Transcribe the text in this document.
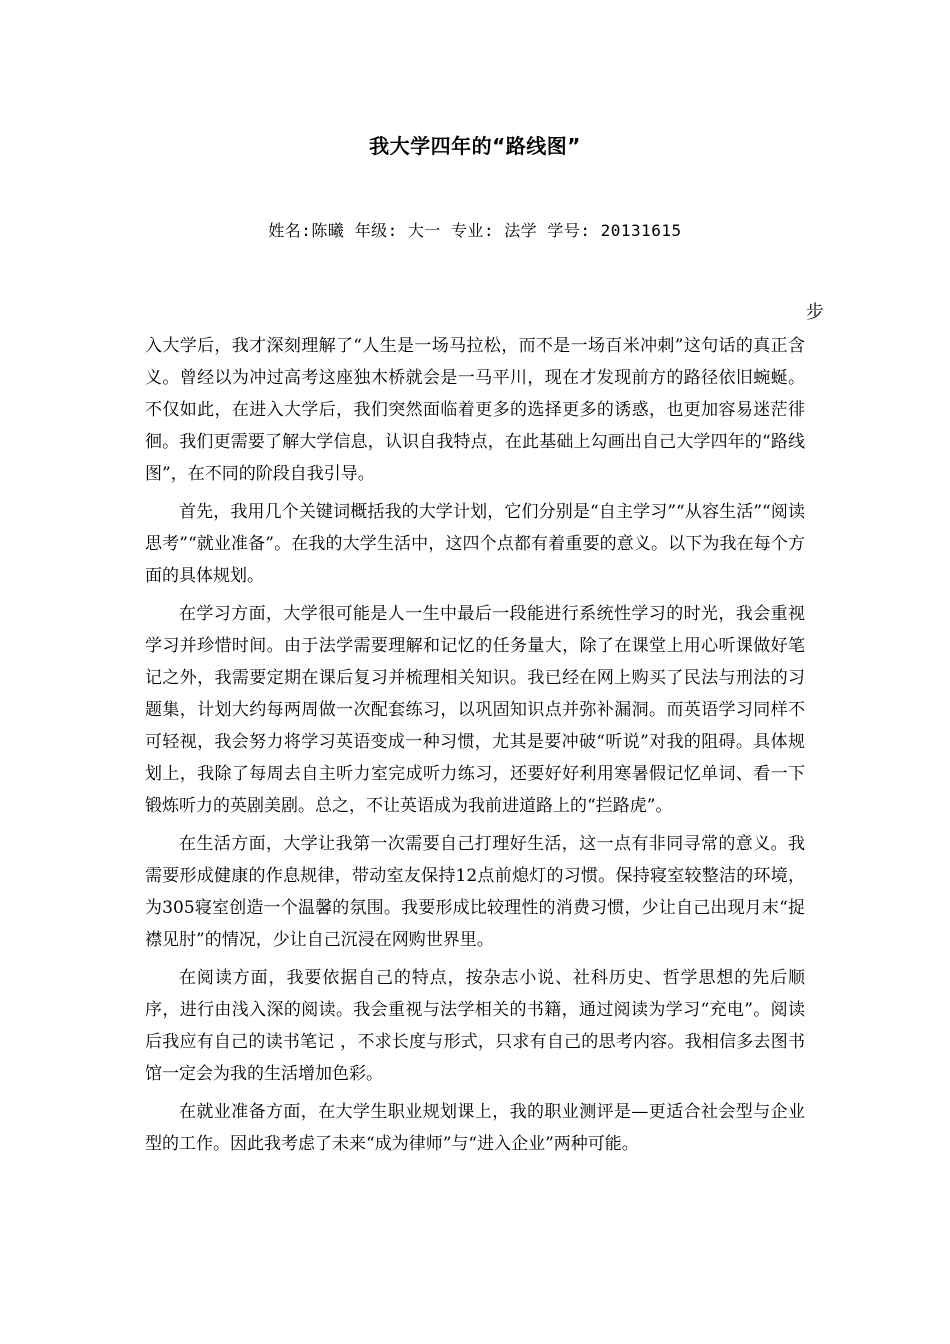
我大学四年的“路线图”
姓名:陈曦 年级: 大一 专业: 法学 学号: 20131615
步

入大学后，我才深刻理解了“人生是一场马拉松，而不是一场百米冲刺”这句话的真正含义。曾经以为冲过高考这座独木桥就会是一马平川，现在才发现前方的路径依旧蜿蜒。不仅如此，在进入大学后，我们突然面临着更多的选择更多的诱惑，也更加容易迷茫徘徊。我们更需要了解大学信息，认识自我特点，在此基础上勾画出自己大学四年的“路线图”，在不同的阶段自我引导。

首先，我用几个关键词概括我的大学计划，它们分别是“自主学习”“从容生活”“阅读思考”“就业准备”。在我的大学生活中，这四个点都有着重要的意义。以下为我在每个方面的具体规划。

在学习方面，大学很可能是人一生中最后一段能进行系统性学习的时光，我会重视学习并珍惜时间。由于法学需要理解和记忆的任务量大，除了在课堂上用心听课做好笔记之外，我需要定期在课后复习并梳理相关知识。我已经在网上购买了民法与刑法的习题集，计划大约每两周做一次配套练习，以巩固知识点并弥补漏洞。而英语学习同样不可轻视，我会努力将学习英语变成一种习惯，尤其是要冲破“听说”对我的阻碍。具体规划上，我除了每周去自主听力室完成听力练习，还要好好利用寒暑假记忆单词、看一下锻炼听力的英剧美剧。总之，不让英语成为我前进道路上的“拦路虎”。

在生活方面，大学让我第一次需要自己打理好生活，这一点有非同寻常的意义。我需要形成健康的作息规律，带动室友保持12点前熄灯的习惯。保持寝室较整洁的环境，为305寝室创造一个温馨的氛围。我要形成比较理性的消费习惯，少让自己出现月末“捉襟见肘”的情况，少让自己沉浸在网购世界里。

在阅读方面，我要依据自己的特点，按杂志小说、社科历史、哲学思想的先后顺序，进行由浅入深的阅读。我会重视与法学相关的书籍，通过阅读为学习“充电”。阅读后我应有自己的读书笔记 ，不求长度与形式，只求有自己的思考内容。我相信多去图书馆一定会为我的生活增加色彩。

在就业准备方面，在大学生职业规划课上，我的职业测评是—更适合社会型与企业型的工作。因此我考虑了未来“成为律师”与“进入企业”两种可能。
